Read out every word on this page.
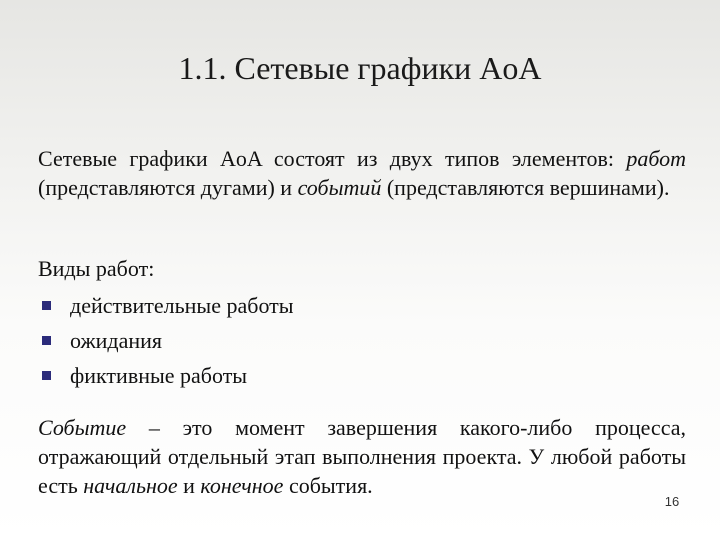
1.1. Сетевые графики AoA
Сетевые графики AoA состоят из двух типов элементов: работ (представляются дугами) и событий (представляются вершинами).
Виды работ:
действительные работы
ожидания
фиктивные работы
Событие – это момент завершения какого-либо процесса, отражающий отдельный этап выполнения проекта. У любой работы есть начальное и конечное события.
16
